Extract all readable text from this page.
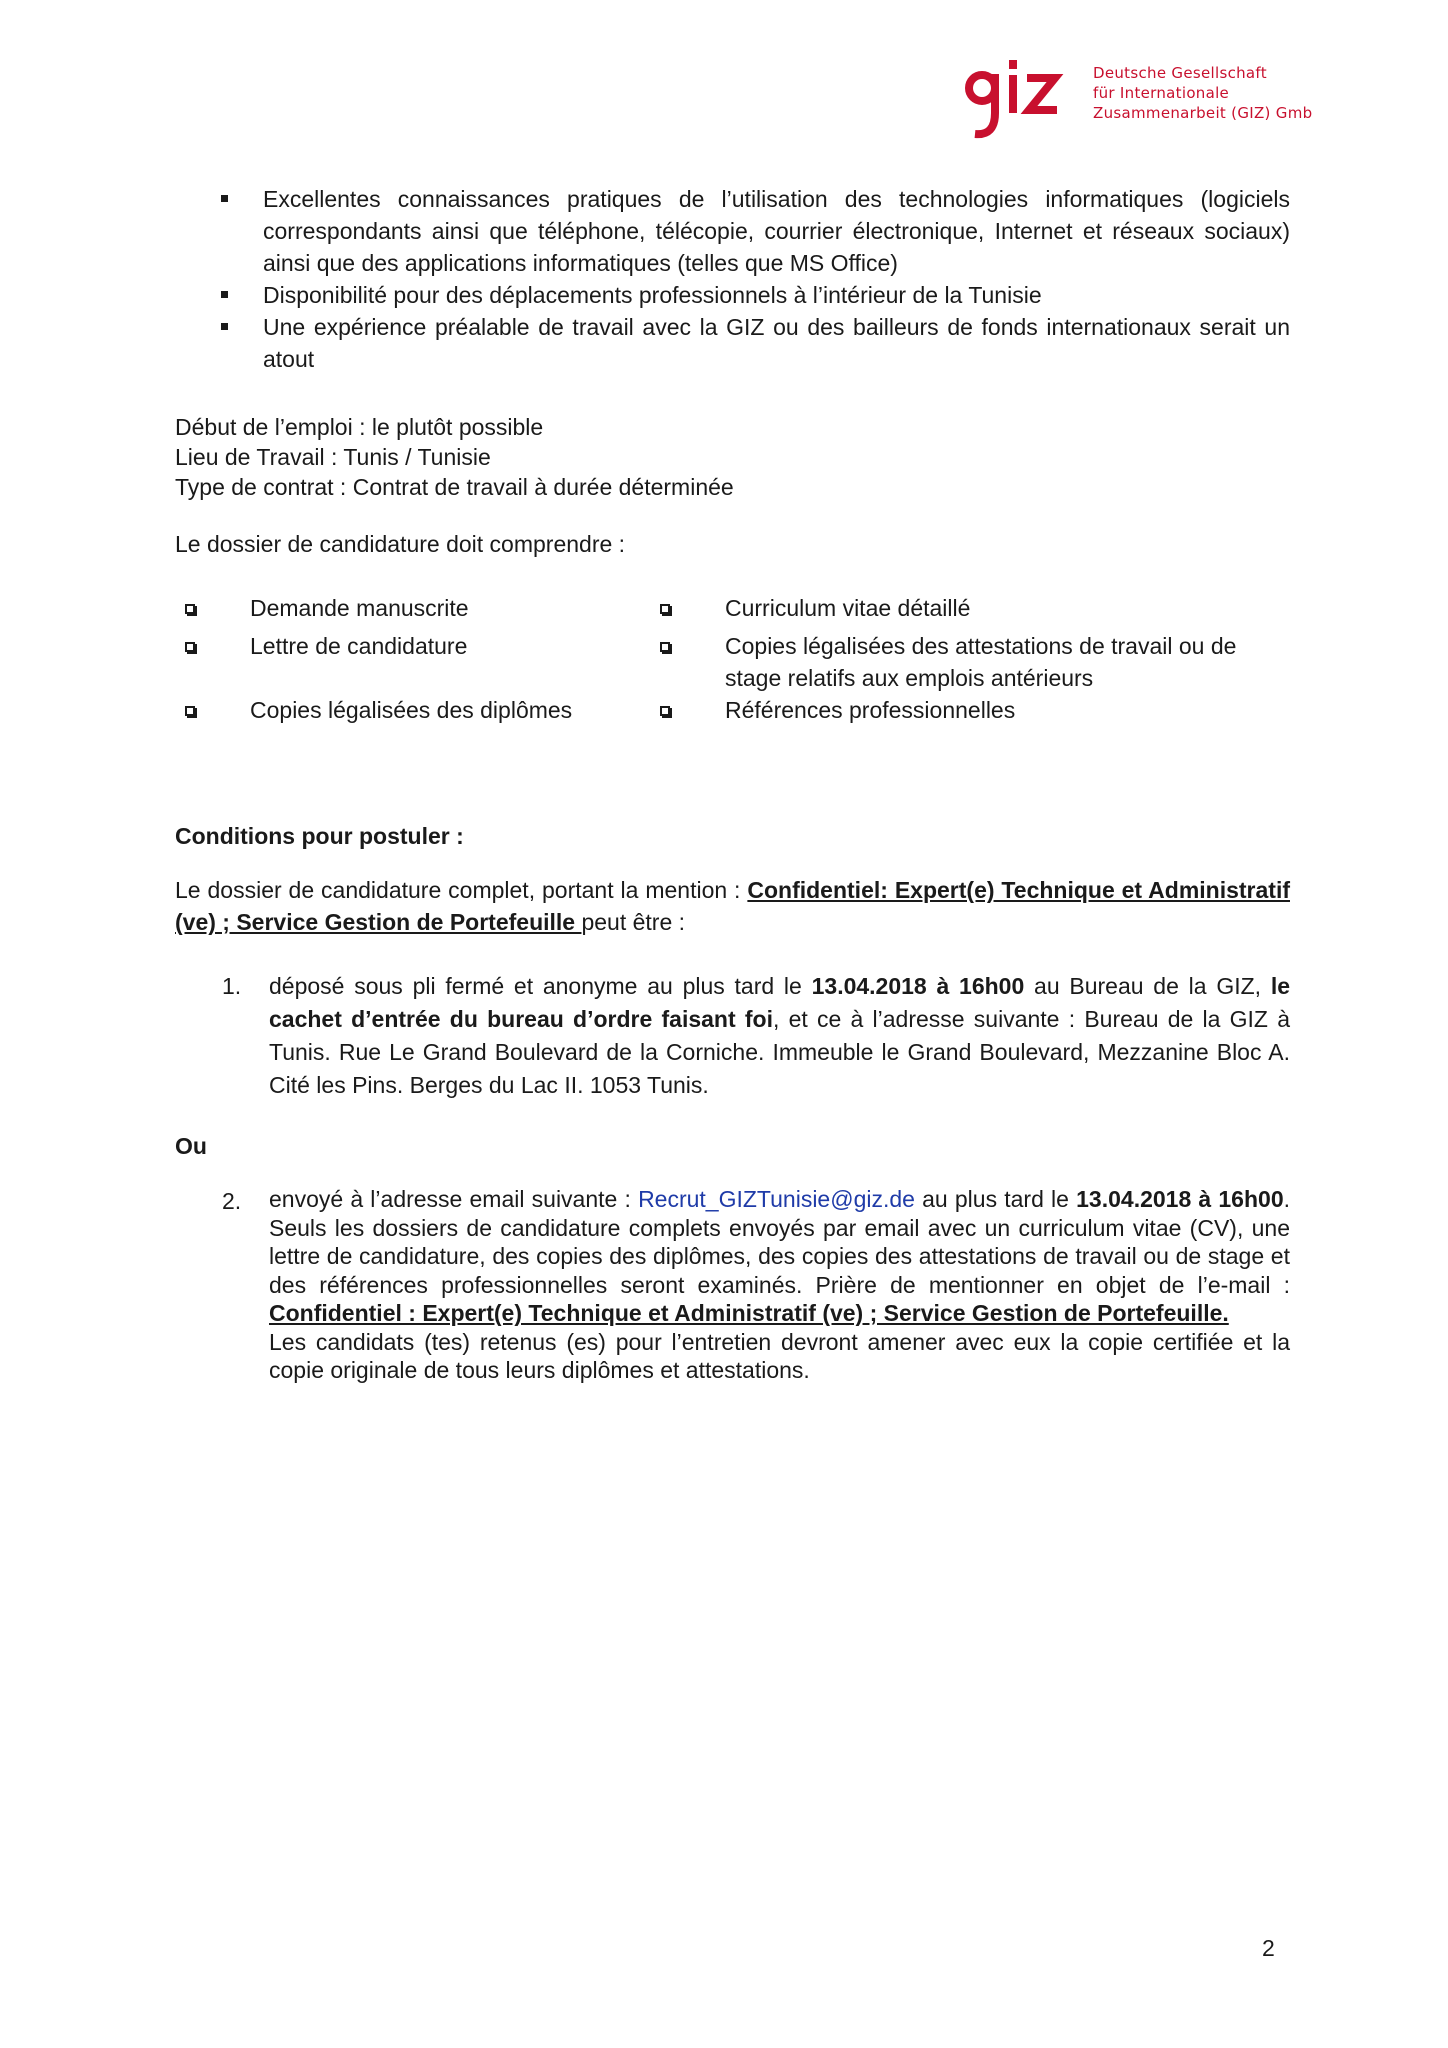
Deutsche Gesellschaft
für Internationale
Zusammenarbeit (GIZ) Gmb
Excellentes connaissances pratiques de l’utilisation des technologies informatiques (logiciels correspondants ainsi que téléphone, télécopie, courrier électronique, Internet et réseaux sociaux) ainsi que des applications informatiques (telles que MS Office)
Disponibilité pour des déplacements professionnels à l’intérieur de la Tunisie
Une expérience préalable de travail avec la GIZ ou des bailleurs de fonds internationaux serait un atout
Début de l’emploi : le plutôt possible
Lieu de Travail : Tunis / Tunisie
Type de contrat : Contrat de travail à durée déterminée
Le dossier de candidature doit comprendre :
Demande manuscrite	Curriculum vitae détaillé
Lettre de candidature	Copies légalisées des attestations de travail ou de stage relatifs aux emplois antérieurs
Copies légalisées des diplômes	Références professionnelles
Conditions pour postuler :
Le dossier de candidature complet, portant la mention : Confidentiel: Expert(e) Technique et Administratif (ve) ; Service Gestion de Portefeuille peut être :
1. déposé sous pli fermé et anonyme au plus tard le 13.04.2018 à 16h00 au Bureau de la GIZ, le cachet d’entrée du bureau d’ordre faisant foi, et ce à l’adresse suivante : Bureau de la GIZ à Tunis. Rue Le Grand Boulevard de la Corniche. Immeuble le Grand Boulevard, Mezzanine Bloc A. Cité les Pins. Berges du Lac II. 1053 Tunis.
Ou
2. envoyé à l’adresse email suivante : Recrut_GIZTunisie@giz.de au plus tard le 13.04.2018 à 16h00. Seuls les dossiers de candidature complets envoyés par email avec un curriculum vitae (CV), une lettre de candidature, des copies des diplômes, des copies des attestations de travail ou de stage et des références professionnelles seront examinés. Prière de mentionner en objet de l’e-mail : Confidentiel : Expert(e) Technique et Administratif (ve) ; Service Gestion de Portefeuille.
Les candidats (tes) retenus (es) pour l’entretien devront amener avec eux la copie certifiée et la copie originale de tous leurs diplômes et attestations.
2
